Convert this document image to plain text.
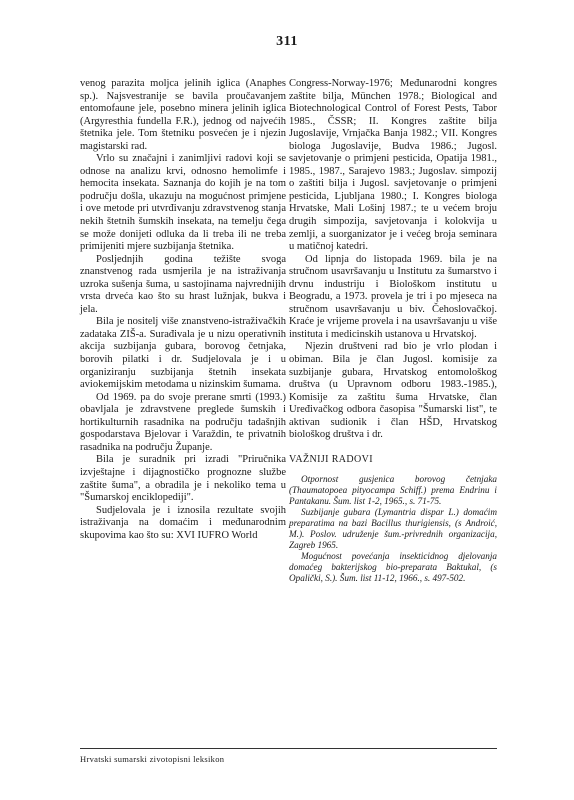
311

venog parazita moljca jelinih iglica (Anaphes sp.). Najsvestranije se bavila proučavanjem entomofaune jele, posebno minera jelinih iglica (Argyresthia fundella F.R.), jednog od najvećih štetnika jele. Tom štetniku posvećen je i njezin magistarski rad.

Vrlo su značajni i zanimljivi radovi koji se odnose na analizu krvi, odnosno hemolimfe i hemocita insekata. Saznanja do kojih je na tom području došla, ukazuju na mogućnost primjene i ove metode pri utvrđivanju zdravstvenog stanja nekih štetnih šumskih insekata, na temelju čega se može donijeti odluka da li treba ili ne treba primijeniti mjere suzbijanja štetnika.

Posljednjih godina težište svoga znanstvenog rada usmjerila je na istraživanja uzroka sušenja šuma, u sastojinama najvrednijih vrsta drveća kao što su hrast lužnjak, bukva i jela.

Bila je nositelj više znanstveno-istraživačkih zadataka ZIŠ-a. Surađivala je u nizu operativnih akcija suzbijanja gubara, borovog četnjaka, borovih pilatki i dr. Sudjelovala je i u organiziranju suzbijanja štetnih insekata aviokemijskim metodama u nizinskim šumama.

Od 1969. pa do svoje prerane smrti (1993.) obavljala je zdravstvene preglede šumskih i hortikulturnih rasadnika na području tadašnjih gospodarstava Bjelovar i Varaždin, te privatnih rasadnika na području Županje.

Bila je suradnik pri izradi "Priručnika izvještajne i dijagnostičko prognozne službe zaštite šuma", a obradila je i nekoliko tema u "Šumarskoj enciklopediji".

Sudjelovala je i iznosila rezultate svojih istraživanja na domaćim i međunarodnim skupovima kao što su: XVI IUFRO World

Congress-Norway-1976; Međunarodni kongres zaštite bilja, München 1978.; Biological and Biotechnological Control of Forest Pests, Tabor 1985., ČSSR; II. Kongres zaštite bilja Jugoslavije, Vrnjačka Banja 1982.; VII. Kongres biologa Jugoslavije, Budva 1986.; Jugosl. savjetovanje o primjeni pesticida, Opatija 1981., 1985., 1987., Sarajevo 1983.; Jugoslav. simpozij o zaštiti bilja i Jugosl. savjetovanje o primjeni pesticida, Ljubljana 1980.; I. Kongres biologa Hrvatske, Mali Lošinj 1987.; te u većem broju drugih simpozija, savjetovanja i kolokvija u zemlji, a suorganizator je i većeg broja seminara u matičnoj katedri.

Od lipnja do listopada 1969. bila je na stručnom usavršavanju u Institutu za šumarstvo i drvnu industriju i Biološkom institutu u Beogradu, a 1973. provela je tri i po mjeseca na stručnom usavršavanju u biv. Čehoslovačkoj. Kraće je vrijeme provela i na usavršavanju u više instituta i medicinskih ustanova u Hrvatskoj.

Njezin društveni rad bio je vrlo plodan i obiman. Bila je član Jugosl. komisije za suzbijanje gubara, Hrvatskog entomološkog društva (u Upravnom odboru 1983.-1985.), Komisije za zaštitu šuma Hrvatske, član Uređivačkog odbora časopisa "Šumarski list", te aktivan sudionik i član HŠD, Hrvatskog biološkog društva i dr.

VAŽNIJI RADOVI

Otpornost gusjenica borovog četnjaka (Thaumatopoea pityocampa Schiff.) prema Endrinu i Pantakanu. Šum. list 1-2, 1965., s. 71-75.

Suzbijanje gubara (Lymantria dispar L.) domaćim preparatima na bazi Bacillus thurigiensis, (s Androić, M.). Poslov. udruženje šum.-privrednih organizacija, Zagreb 1965.

Mogućnost povećanja insekticidnog djelovanja domaćeg bakterijskog bio-preparata Baktukal, (s Opalički, S.). Šum. list 11-12, 1966., s. 497-502.

Hrvatski sumarski zivotopisni leksikon
